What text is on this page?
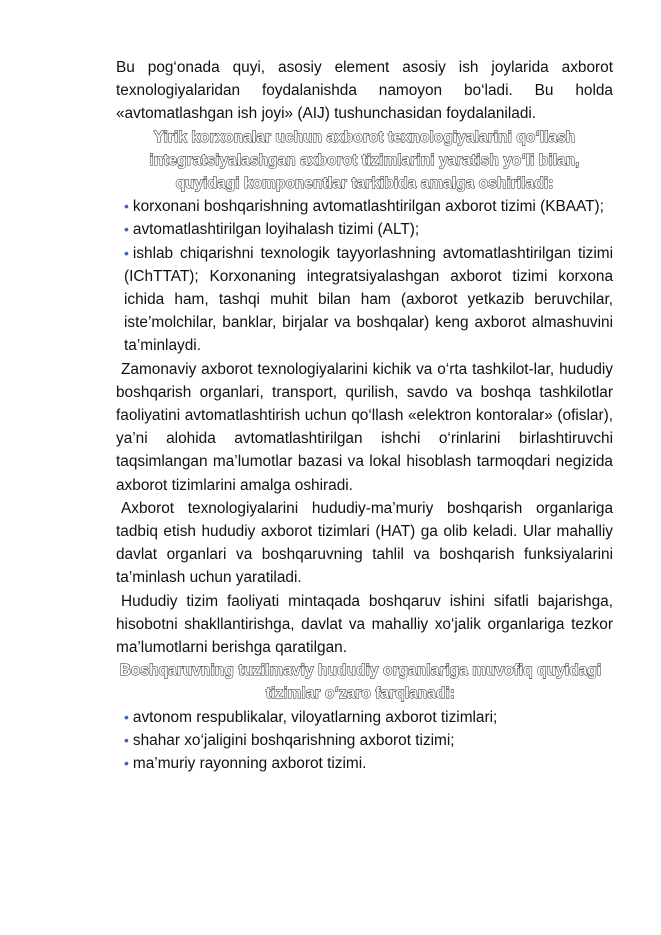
Bu pog‘onada quyi, asosiy element asosiy ish joylarida axborot texnologiyalaridan foydalanishda namoyon bo‘ladi. Bu holda «avtomatlashgan ish joyi» (AIJ) tushunchasidan foydalaniladi.

Yirik korxonalar uchun axborot texnologiyalarini qo‘llash integratsiyalashgan axborot tizimlarini yaratish yo‘li bilan, quyidagi komponentlar tarkibida amalga oshiriladi:

• korxonani boshqarishning avtomatlashtirilgan axborot tizimi (KBAAT);

• avtomatlashtirilgan loyihalash tizimi (ALT);

• ishlab chiqarishni texnologik tayyorlashning avtomatlashtirilgan tizimi (IChTTAT); Korxonaning integratsiyalashgan axborot tizimi korxona ichida ham, tashqi muhit bilan ham (axborot yetkazib beruvchilar, iste’molchilar, banklar, birjalar va boshqalar) keng axborot almashuvini ta’minlaydi.

Zamonaviy axborot texnologiyalarini kichik va o‘rta tashkilot-lar, hududiy boshqarish organlari, transport, qurilish, savdo va boshqa tashkilotlar faoliyatini avtomatlashtirish uchun qo‘llash «elektron kontoralar» (ofislar), ya’ni alohida avtomatlashtirilgan ishchi o‘rinlarini birlashtiruvchi taqsimlangan ma’lumotlar bazasi va lokal hisoblash tarmoqdari negizida axborot tizimlarini amalga oshiradi.

Axborot texnologiyalarini hududiy-ma’muriy boshqarish organlariga tadbiq etish hududiy axborot tizimlari (HAT) ga olib keladi. Ular mahalliy davlat organlari va boshqaruvning tahlil va boshqarish funksiyalarini ta’minlash uchun yaratiladi.

Hududiy tizim faoliyati mintaqada boshqaruv ishini sifatli bajarishga, hisobotni shakllantirishga, davlat va mahalliy xo‘jalik organlariga tezkor ma’lumotlarni berishga qaratilgan.

Boshqaruvning tuzilmaviy hududiy organlariga muvofiq quyidagi tizimlar o‘zaro farqlanadi:

• avtonom respublikalar, viloyatlarning axborot tizimlari;

• shahar xo‘jaligini boshqarishning axborot tizimi;

• ma’muriy rayonning axborot tizimi.
